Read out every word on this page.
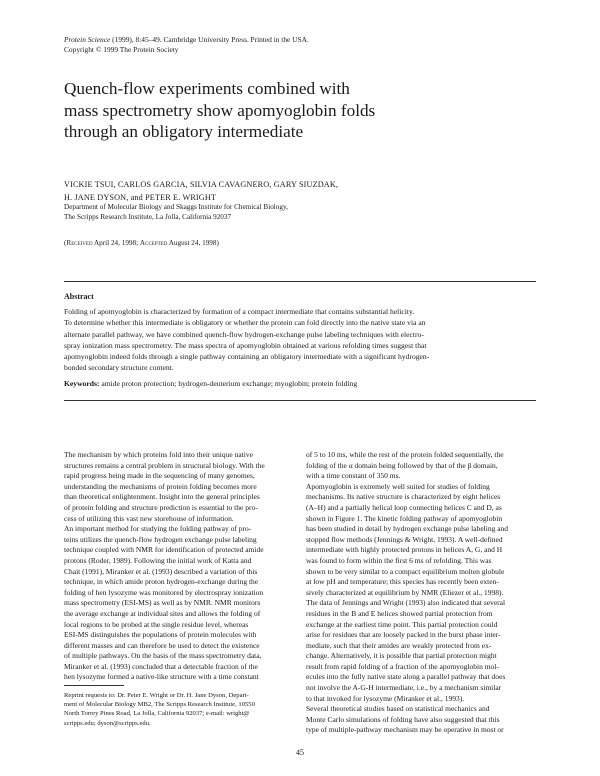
Protein Science (1999), 8:45–49. Cambridge University Press. Printed in the USA.
Copyright © 1999 The Protein Society
Quench-flow experiments combined with
mass spectrometry show apomyoglobin folds
through an obligatory intermediate
VICKIE TSUI, CARLOS GARCIA, SILVIA CAVAGNERO, GARY SIUZDAK,
H. JANE DYSON, and PETER E. WRIGHT
Department of Molecular Biology and Skaggs Institute for Chemical Biology,
The Scripps Research Institute, La Jolla, California 92037
(Received April 24, 1998; Accepted August 24, 1998)
Abstract
Folding of apomyoglobin is characterized by formation of a compact intermediate that contains substantial helicity.
To determine whether this intermediate is obligatory or whether the protein can fold directly into the native state via an
alternate parallel pathway, we have combined quench-flow hydrogen-exchange pulse labeling techniques with electro-
spray ionization mass spectrometry. The mass spectra of apomyoglobin obtained at various refolding times suggest that
apomyoglobin indeed folds through a single pathway containing an obligatory intermediate with a significant hydrogen-
bonded secondary structure content.
Keywords: amide proton protection; hydrogen-deuterium exchange; myoglobin; protein folding
The mechanism by which proteins fold into their unique native
structures remains a central problem in structural biology. With the
rapid progress being made in the sequencing of many genomes,
understanding the mechanisms of protein folding becomes more
than theoretical enlightenment. Insight into the general principles
of protein folding and structure prediction is essential to the pro-
cess of utilizing this vast new storehouse of information.
An important method for studying the folding pathway of pro-
teins utilizes the quench-flow hydrogen exchange pulse labeling
technique coupled with NMR for identification of protected amide
protons (Roder, 1989). Following the initial work of Katta and
Chait (1991), Miranker et al. (1993) described a variation of this
technique, in which amide proton hydrogen-exchange during the
folding of hen lysozyme was monitored by electrospray ionization
mass spectrometry (ESI-MS) as well as by NMR. NMR monitors
the average exchange at individual sites and allows the folding of
local regions to be probed at the single residue level, whereas
ESI-MS distinguishes the populations of protein molecules with
different masses and can therefore be used to detect the existence
of multiple pathways. On the basis of the mass spectrometry data,
Miranker et al. (1993) concluded that a detectable fraction of the
hen lysozyme formed a native-like structure with a time constant
Reprint requests to: Dr. Peter E. Wright or Dr. H. Jane Dyson, Depart-
ment of Molecular Biology MB2, The Scripps Research Institute, 10550
North Torrey Pines Road, La Jolla, California 92037; e-mail: wright@
scripps.edu; dyson@scripps.edu.
of 5 to 10 ms, while the rest of the protein folded sequentially, the
folding of the α domain being followed by that of the β domain,
with a time constant of 350 ms.
Apomyoglobin is extremely well suited for studies of folding
mechanisms. Its native structure is characterized by eight helices
(A–H) and a partially helical loop connecting helices C and D, as
shown in Figure 1. The kinetic folding pathway of apomyoglobin
has been studied in detail by hydrogen exchange pulse labeling and
stopped flow methods (Jennings & Wright, 1993). A well-defined
intermediate with highly protected protons in helices A, G, and H
was found to form within the first 6 ms of refolding. This was
shown to be very similar to a compact equilibrium molten globule
at low pH and temperature; this species has recently been exten-
sively characterized at equilibrium by NMR (Eliezer et al., 1998).
The data of Jennings and Wright (1993) also indicated that several
residues in the B and E helices showed partial protection from
exchange at the earliest time point. This partial protection could
arise for residues that are loosely packed in the burst phase inter-
mediate, such that their amides are weakly protected from ex-
change. Alternatively, it is possible that partial protection might
result from rapid folding of a fraction of the apomyoglobin mol-
ecules into the fully native state along a parallel pathway that does
not involve the A-G-H intermediate, i.e., by a mechanism similar
to that invoked for lysozyme (Miranker et al., 1993).
Several theoretical studies based on statistical mechanics and
Monte Carlo simulations of folding have also suggested that this
type of multiple-pathway mechanism may be operative in most or
45
